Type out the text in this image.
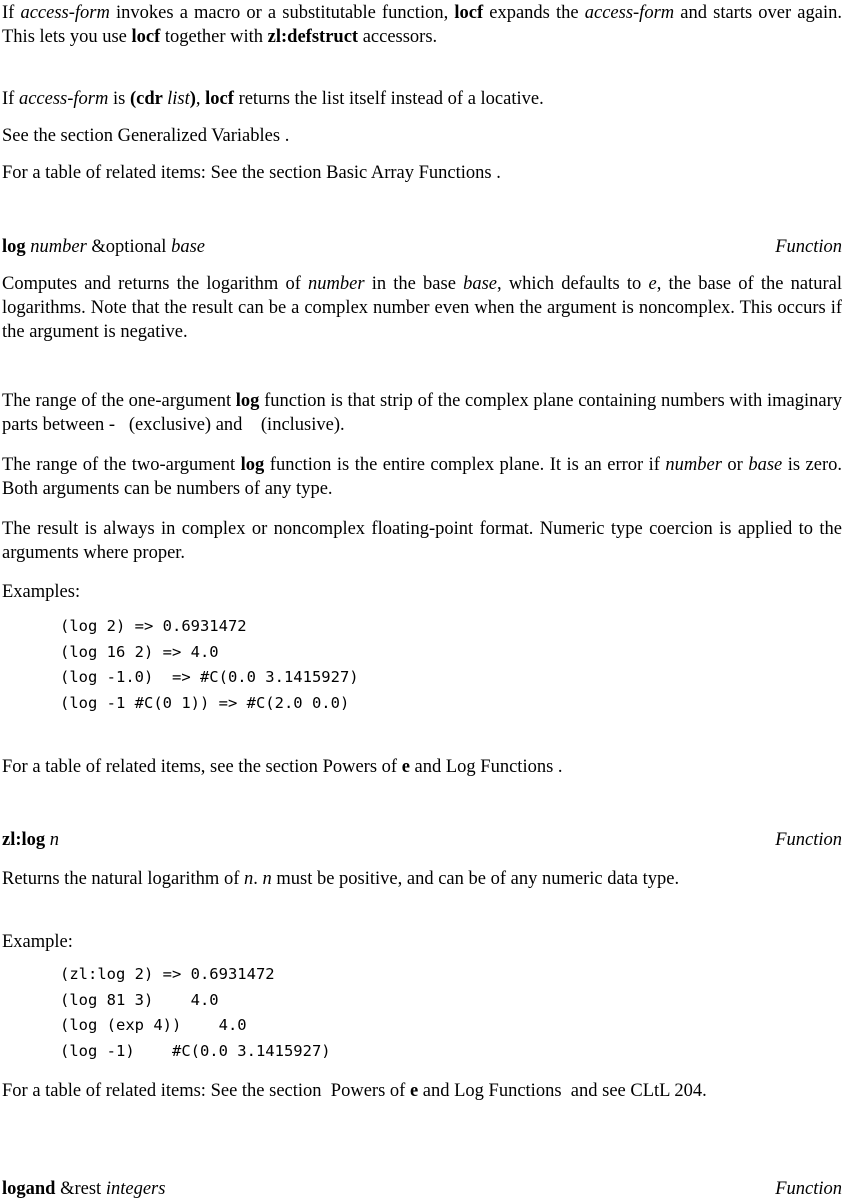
If access-form invokes a macro or a substitutable function, locf expands the access-form and starts over again. This lets you use locf together with zl:defstruct accessors.

If access-form is (cdr list), locf returns the list itself instead of a locative.

See the section Generalized Variables .

For a table of related items: See the section Basic Array Functions .

log number &optional base	Function

Computes and returns the logarithm of number in the base base, which defaults to e, the base of the natural logarithms. Note that the result can be a complex number even when the argument is noncomplex. This occurs if the argument is negative.

The range of the one-argument log function is that strip of the complex plane containing numbers with imaginary parts between -   (exclusive) and    (inclusive).

The range of the two-argument log function is the entire complex plane. It is an error if number or base is zero. Both arguments can be numbers of any type.

The result is always in complex or noncomplex floating-point format. Numeric type coercion is applied to the arguments where proper.

Examples:

(log 2) => 0.6931472
(log 16 2) => 4.0
(log -1.0)  => #C(0.0 3.1415927)
(log -1 #C(0 1)) => #C(2.0 0.0)

For a table of related items, see the section Powers of e and Log Functions .

zl:log n	Function

Returns the natural logarithm of n. n must be positive, and can be of any numeric data type.

Example:

(zl:log 2) => 0.6931472
(log 81 3)    4.0
(log (exp 4))    4.0
(log -1)    #C(0.0 3.1415927)

For a table of related items: See the section  Powers of e and Log Functions  and see CLtL 204.

logand &rest integers	Function
